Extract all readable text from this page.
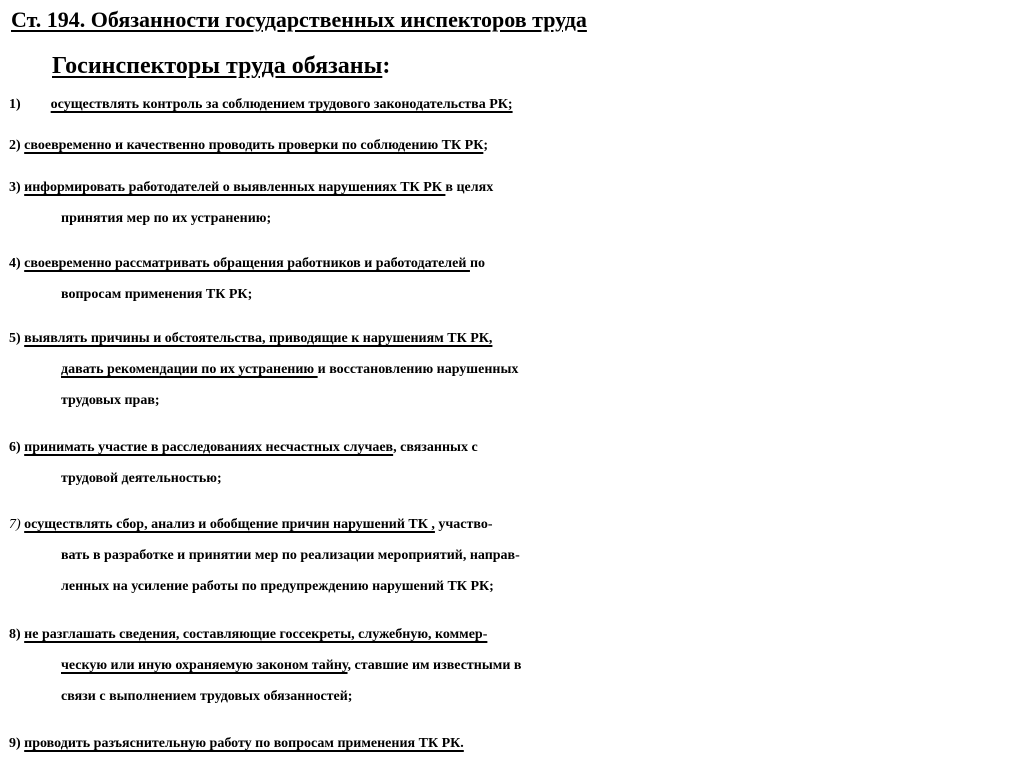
Ст. 194. Обязанности государственных инспекторов труда
Госинспекторы труда обязаны:
1) осуществлять контроль за соблюдением трудового законодательства РК;
2) своевременно и качественно проводить проверки по соблюдению ТК РК;
3) информировать работодателей о выявленных нарушениях ТК РК в целях
принятия мер по их устранению;
4) своевременно рассматривать обращения работников и работодателей по
вопросам применения ТК РК;
5) выявлять причины и обстоятельства, приводящие к нарушениям ТК РК,
давать рекомендации по их устранению и восстановлению нарушенных
трудовых прав;
6) принимать участие в расследованиях несчастных случаев, связанных с
трудовой деятельностью;
7) осуществлять сбор, анализ и обобщение причин нарушений ТК , участво-
вать в разработке и принятии мер по реализации мероприятий, направ-
ленных на усиление работы по предупреждению нарушений ТК РК;
8) не разглашать сведения, составляющие госсекреты, служебную, коммер-
ческую или иную охраняемую законом тайну, ставшие им известными в
связи с выполнением трудовых обязанностей;
9) проводить разъяснительную работу по вопросам применения ТК РК.
